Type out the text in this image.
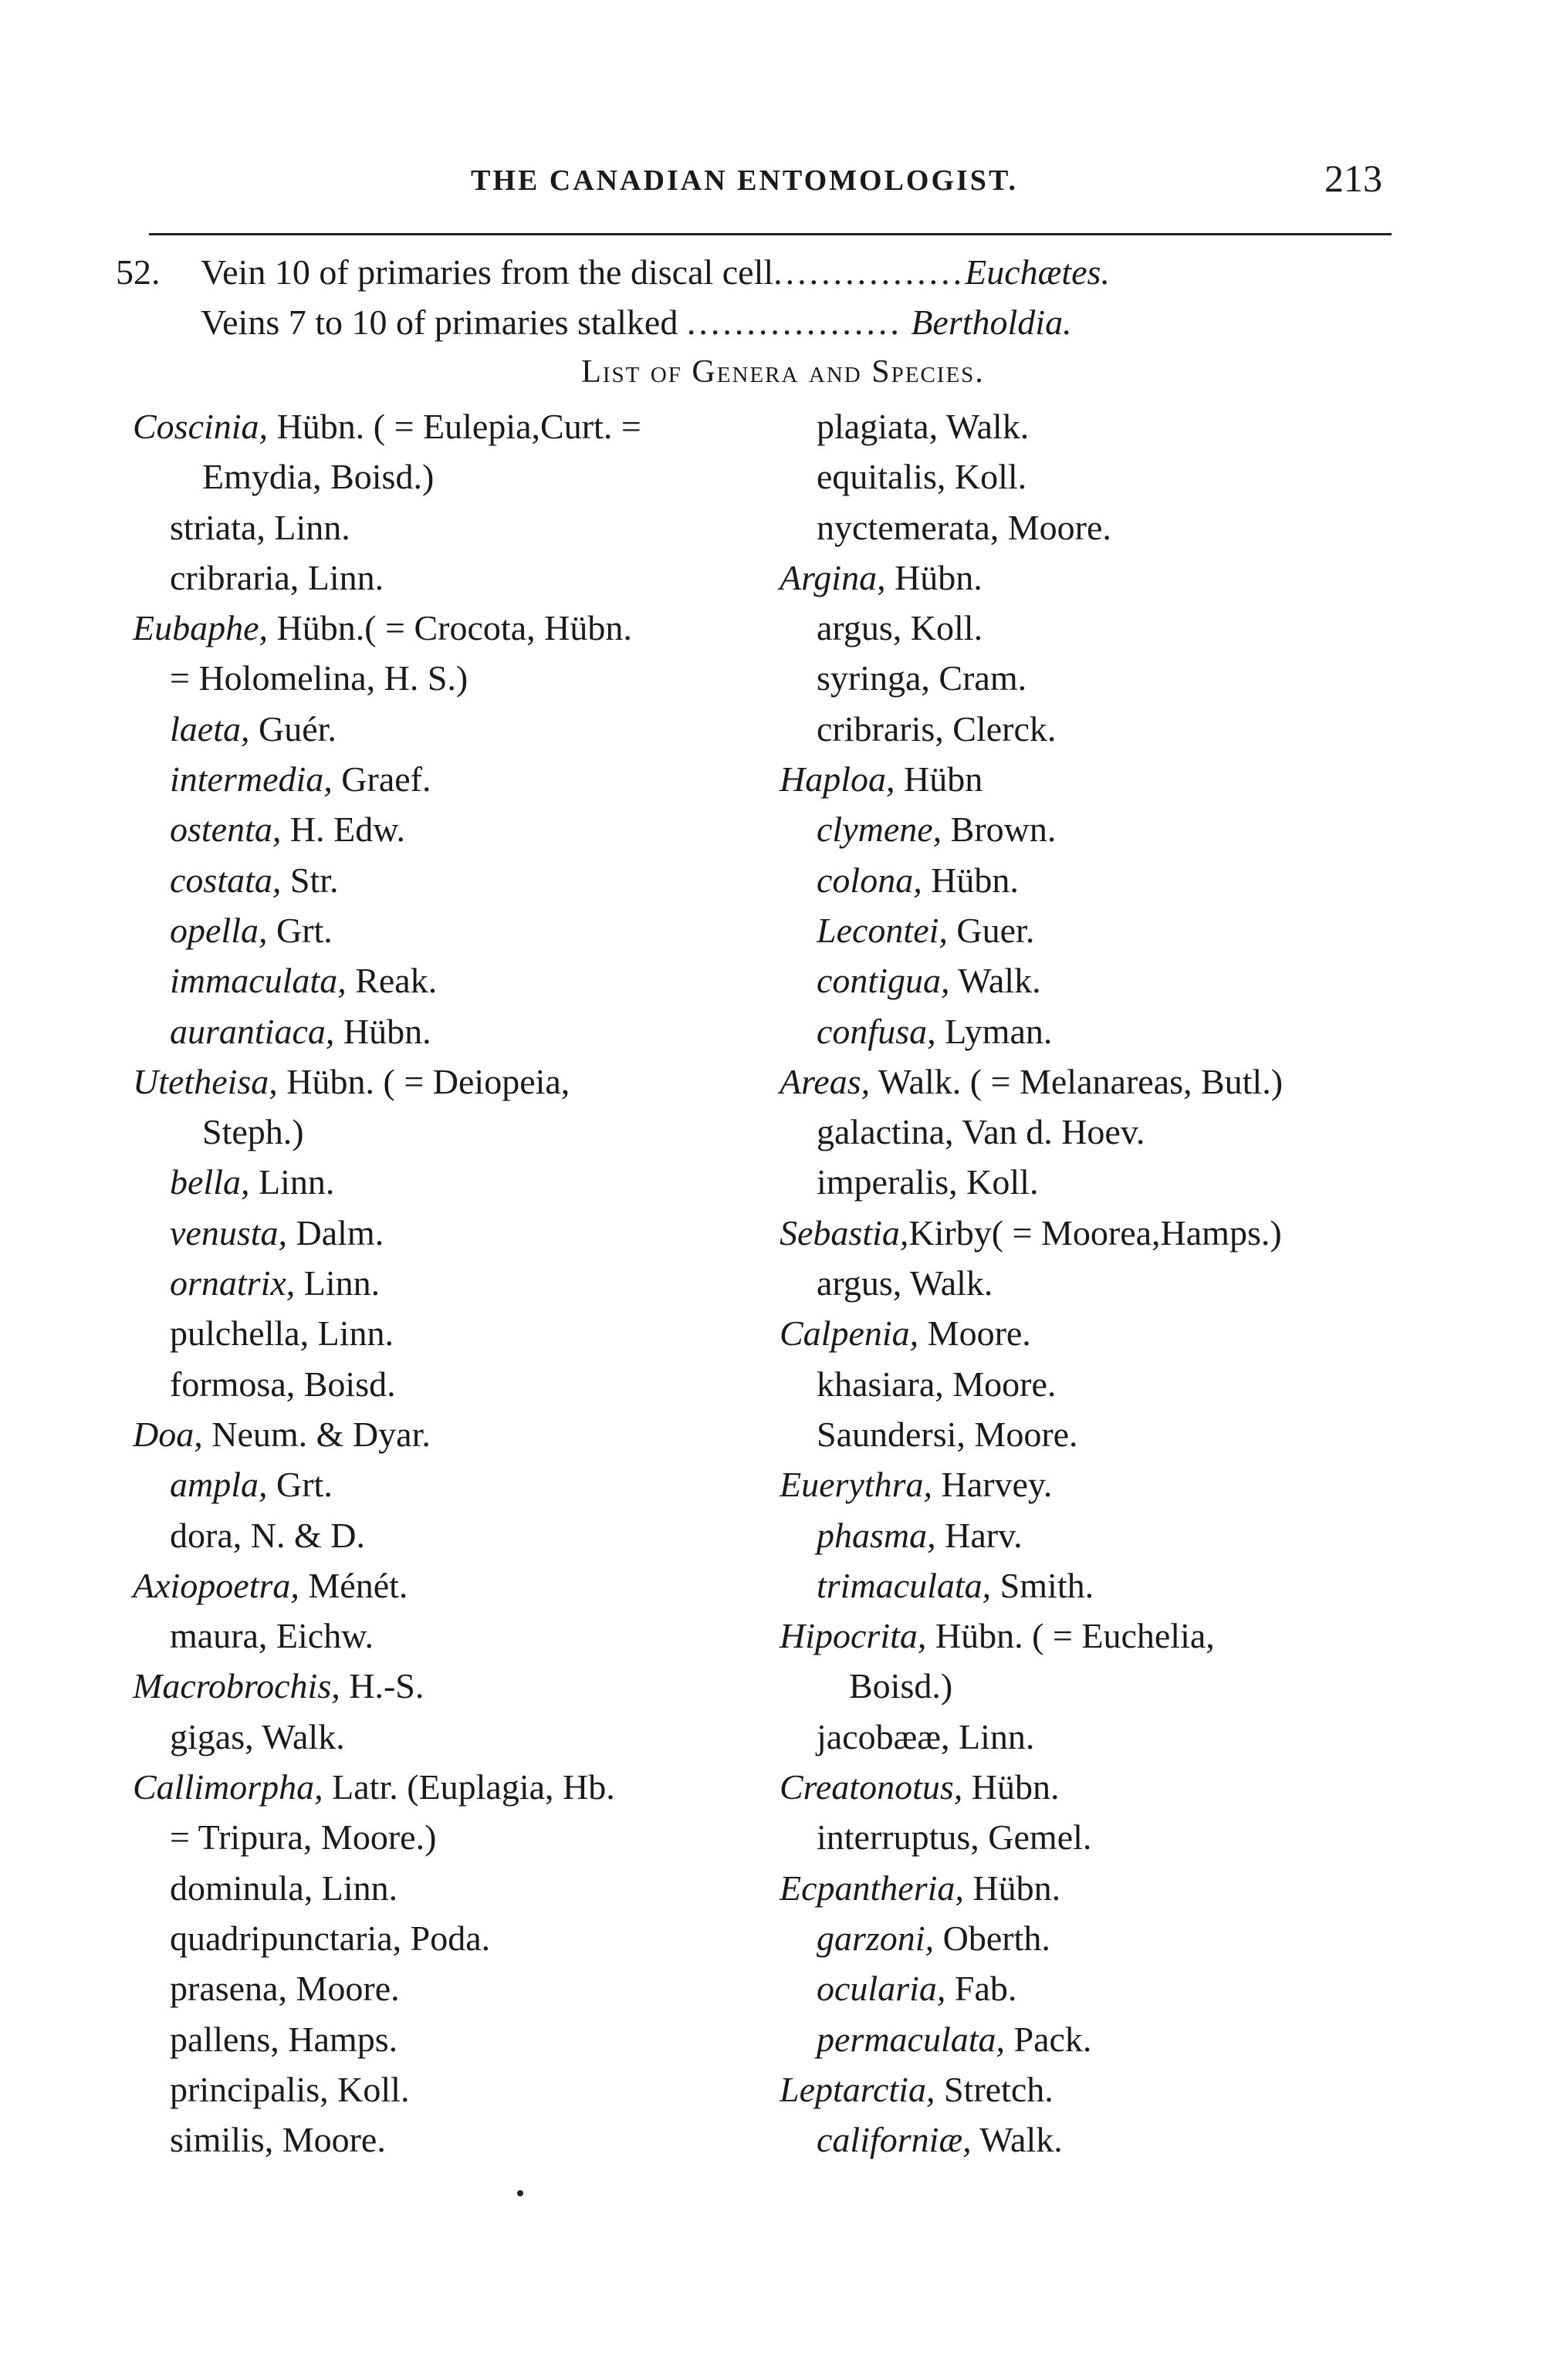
THE CANADIAN ENTOMOLOGIST.	213
52. Vein 10 of primaries from the discal cell................Euchætes.
Veins 7 to 10 of primaries stalked .................. Bertholdia.
List of Genera and Species.
Coscinia, Hübn. ( = Eulepia,Curt. =
Emydia, Boisd.)
striata, Linn.
cribraria, Linn.
Eubaphe, Hübn.( = Crocota, Hübn.
= Holomelina, H. S.)
laeta, Guér.
intermedia, Graef.
ostenta, H. Edw.
costata, Str.
opella, Grt.
immaculata, Reak.
aurantiaca, Hübn.
Utetheisa, Hübn. ( = Deiopeia,
Steph.)
bella, Linn.
venusta, Dalm.
ornatrix, Linn.
pulchella, Linn.
formosa, Boisd.
Doa, Neum. & Dyar.
ampla, Grt.
dora, N. & D.
Axiopoetra, Ménét.
maura, Eichw.
Macrobrochis, H.-S.
gigas, Walk.
Callimorpha, Latr. (Euplagia, Hb.
= Tripura, Moore.)
dominula, Linn.
quadripunctaria, Poda.
prasena, Moore.
pallens, Hamps.
principalis, Koll.
similis, Moore.
plagiata, Walk.
equitalis, Koll.
nyctemerata, Moore.
Argina, Hübn.
argus, Koll.
syringa, Cram.
cribraris, Clerck.
Haploa, Hübn
clymene, Brown.
colona, Hübn.
Lecontei, Guer.
contigua, Walk.
confusa, Lyman.
Areas, Walk. ( = Melanareas, Butl.)
galactina, Van d. Hoev.
imperalis, Koll.
Sebastia,Kirby( = Moorea,Hamps.)
argus, Walk.
Calpenia, Moore.
khasiara, Moore.
Saundersi, Moore.
Euerythra, Harvey.
phasma, Harv.
trimaculata, Smith.
Hipocrita, Hübn. ( = Euchelia,
Boisd.)
jacobææ, Linn.
Creatonotus, Hübn.
interruptus, Gemel.
Ecpantheria, Hübn.
garzoni, Oberth.
ocularia, Fab.
permaculata, Pack.
Leptarctia, Stretch.
californiæ, Walk.
